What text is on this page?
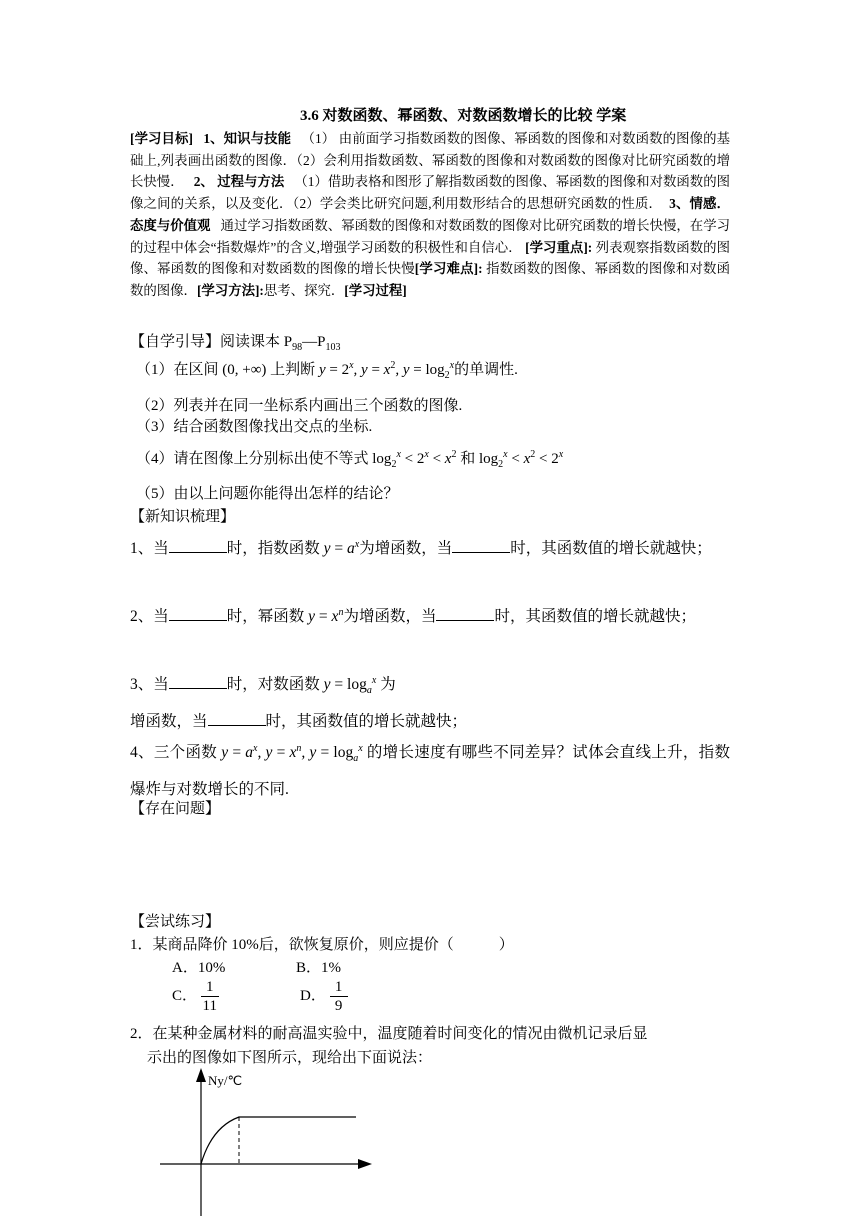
3.6 对数函数、幂函数、对数函数增长的比较 学案
[学习目标] 1、知识与技能 （1） 由前面学习指数函数的图像、幂函数的图像和对数函数的图像的基础上,列表画出函数的图像．（2）会利用指数函数、幂函数的图像和对数函数的图像对比研究函数的增长快慢． 2、 过程与方法 （1）借助表格和图形了解指数函数的图像、幂函数的图像和对数函数的图像之间的关系，以及变化．（2）学会类比研究问题,利用数形结合的思想研究函数的性质． 3、情感．态度与价值观 通过学习指数函数、幂函数的图像和对数函数的图像对比研究函数的增长快慢，在学习的过程中体会“指数爆炸”的含义,增强学习函数的积极性和自信心． [学习重点]: 列表观察指数函数的图像、幂函数的图像和对数函数的图像的增长快慢[学习难点]: 指数函数的图像、幂函数的图像和对数函数的图像．[学习方法]:思考、探究．[学习过程]
【自学引导】阅读课本 $P_{98}—P_{103}$
（1）在区间 (0, +∞) 上判断 $y = 2^x$, $y = x^2$, $y = \log_2^x$的单调性.
（2）列表并在同一坐标系内画出三个函数的图像.
（3）结合函数图像找出交点的坐标.
（4）请在图像上分别标出使不等式 $\log_2^x < 2^x < x^2$ 和 $\log_2^x < x^2 < 2^x$
（5）由以上问题你能得出怎样的结论？
【新知识梳理】
1、当	时，指数函数 $y = a^x$为增函数，当	时，其函数值的增长就越快；
2、当	时，幂函数 $y = x^n$为增函数，当	时，其函数值的增长就越快；
3、当	时，对数函数 $y = \log_a^x$ 为
增函数，当	时，其函数值的增长就越快；
4、三个函数 $y = a^x$, $y = x^n$, $y = \log_a^x$ 的增长速度有哪些不同差异？试体会直线上升，指数爆炸与对数增长的不同.
【存在问题】
【尝试练习】
1．某商品降价 10%后，欲恢复原价，则应提价（　　　）
A．10%	B．1%
C． $\frac{1}{11}$	D． $\frac{1}{9}$
2．在某种金属材料的耐高温实验中，温度随着时间变化的情况由微机记录后显
示出的图像如下图所示，现给出下面说法：
Ny/℃
